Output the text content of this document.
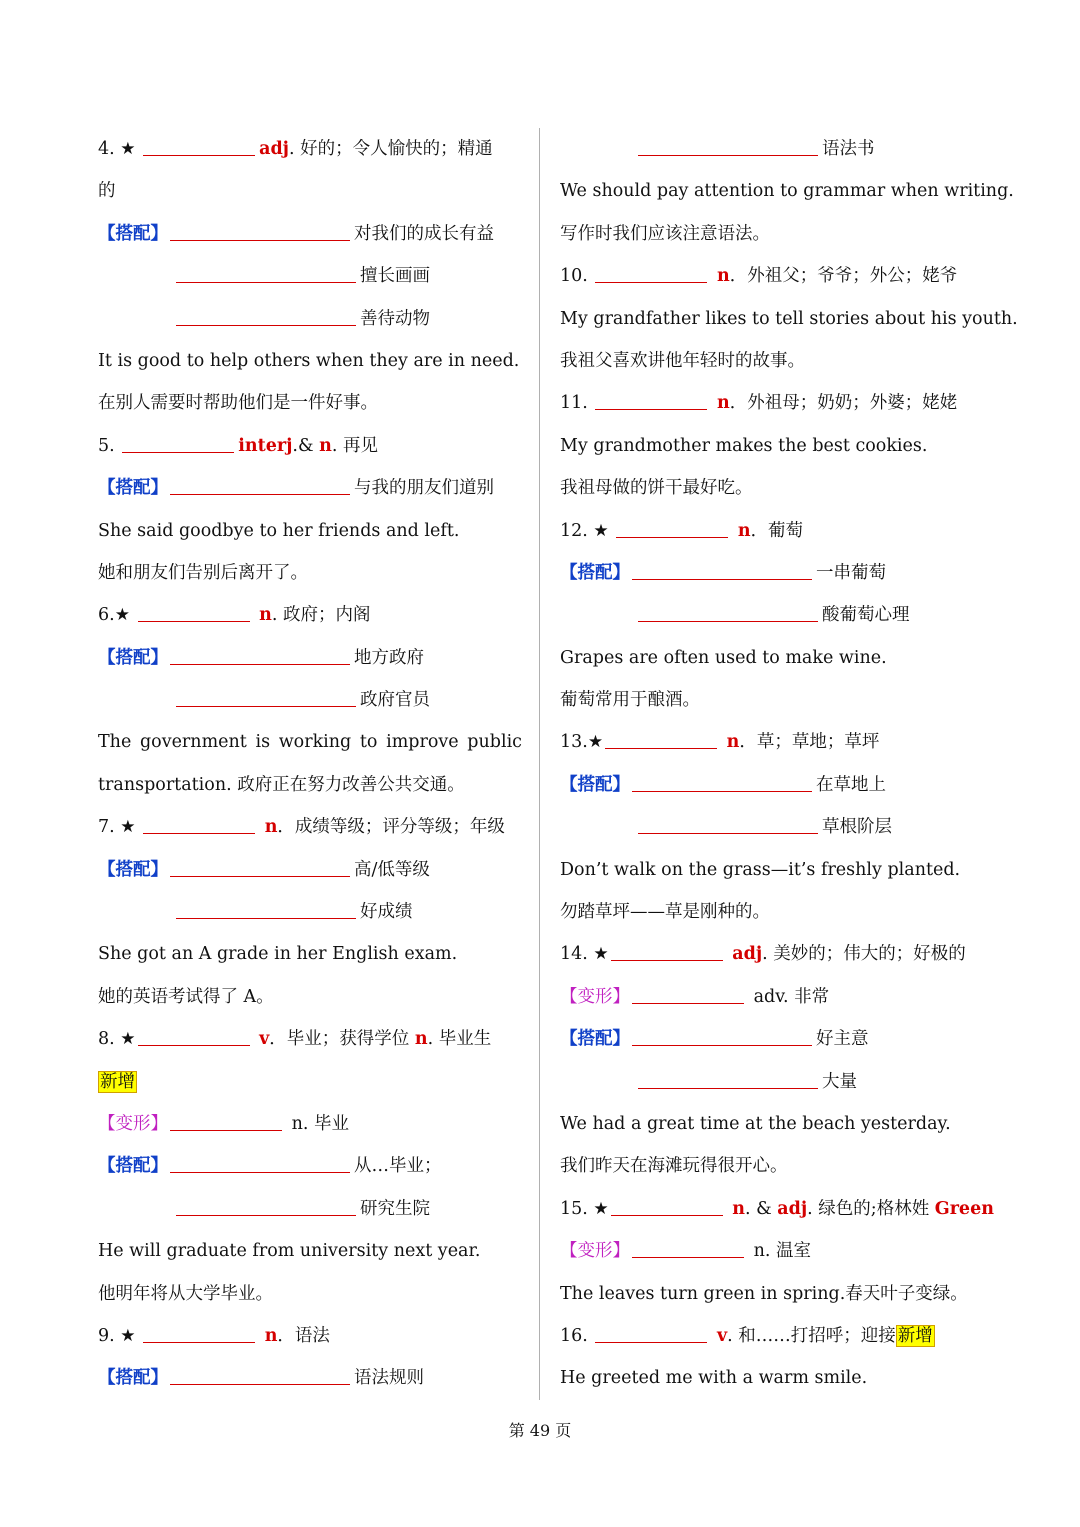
4. ★	adj. 好的；令人愉快的；精通
的
【搭配】	对我们的成长有益
擅长画画
善待动物
It is good to help others when they are in need.
在别人需要时帮助他们是一件好事。
5.	interj.& n. 再见
【搭配】	与我的朋友们道别
She said goodbye to her friends and left.
她和朋友们告别后离开了。
6.★	n. 政府；内阁
【搭配】	地方政府
政府官员
The government is working to improve public
transportation. 政府正在努力改善公共交通。
7. ★	n．成绩等级；评分等级；年级
【搭配】	高/低等级
好成绩
She got an A grade in her English exam.
她的英语考试得了 A。
8. ★	v．毕业；获得学位 n. 毕业生
新增
【变形】	n. 毕业
【搭配】	从…毕业；
研究生院
He will graduate from university next year.
他明年将从大学毕业。
9. ★	n．语法
【搭配】	语法规则
语法书
We should pay attention to grammar when writing.
写作时我们应该注意语法。
10.	n．外祖父；爷爷；外公；姥爷
My grandfather likes to tell stories about his youth.
我祖父喜欢讲他年轻时的故事。
11.	n．外祖母；奶奶；外婆；姥姥
My grandmother makes the best cookies.
我祖母做的饼干最好吃。
12. ★	n．葡萄
【搭配】	一串葡萄
酸葡萄心理
Grapes are often used to make wine.
葡萄常用于酿酒。
13.★	n．草；草地；草坪
【搭配】	在草地上
草根阶层
Don’t walk on the grass—it’s freshly planted.
勿踏草坪——草是刚种的。
14. ★	adj. 美妙的；伟大的；好极的
【变形】	adv. 非常
【搭配】	好主意
大量
We had a great time at the beach yesterday.
我们昨天在海滩玩得很开心。
15. ★	n. & adj. 绿色的;格林姓 Green
【变形】	n. 温室
The leaves turn green in spring.春天叶子变绿。
16.	v. 和……打招呼；迎接 新增
He greeted me with a warm smile.
第 49 页
